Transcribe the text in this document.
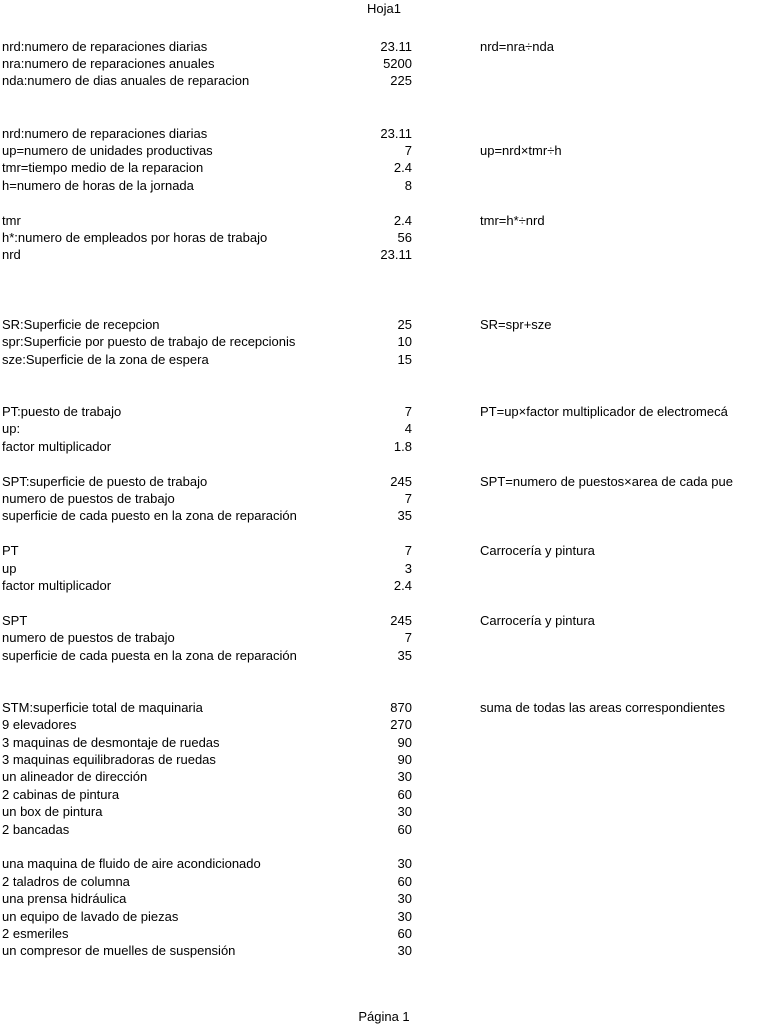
Hoja1
nrd:numero de reparaciones diarias	23.11	nrd=nra÷nda
nra:numero de reparaciones anuales	5200
nda:numero de dias anuales de reparacion	225
nrd:numero de reparaciones diarias	23.11
up=numero de unidades productivas	7	up=nrd×tmr÷h
tmr=tiempo medio de la reparacion	2.4
h=numero de horas de la jornada	8
tmr	2.4	tmr=h*÷nrd
h*:numero de empleados por horas de trabajo	56
nrd	23.11
SR:Superficie de recepcion	25	SR=spr+sze
spr:Superficie por puesto de trabajo de recepcionis	10
sze:Superficie de la zona de espera	15
PT:puesto de trabajo	7	PT=up×factor multiplicador de electromecá
up:	4
factor multiplicador	1.8
SPT:superficie de puesto de trabajo	245	SPT=numero de puestos×area de cada pue
numero de puestos de trabajo	7
superficie de cada puesto en la zona de reparación	35
PT	7	Carrocería y pintura
up	3
factor multiplicador	2.4
SPT	245	Carrocería y pintura
numero de puestos de trabajo	7
superficie de cada puesta en la zona de reparación	35
STM:superficie total de maquinaria	870	suma de todas las areas correspondientes
9 elevadores	270
3 maquinas de desmontaje de ruedas	90
3 maquinas equilibradoras de ruedas	90
un alineador de dirección	30
2 cabinas de pintura	60
un box de pintura	30
2 bancadas	60
una maquina de fluido de aire acondicionado	30
2 taladros de columna	60
una prensa hidráulica	30
un equipo de lavado de piezas	30
2 esmeriles	60
un compresor de muelles de suspensión	30
Página 1
